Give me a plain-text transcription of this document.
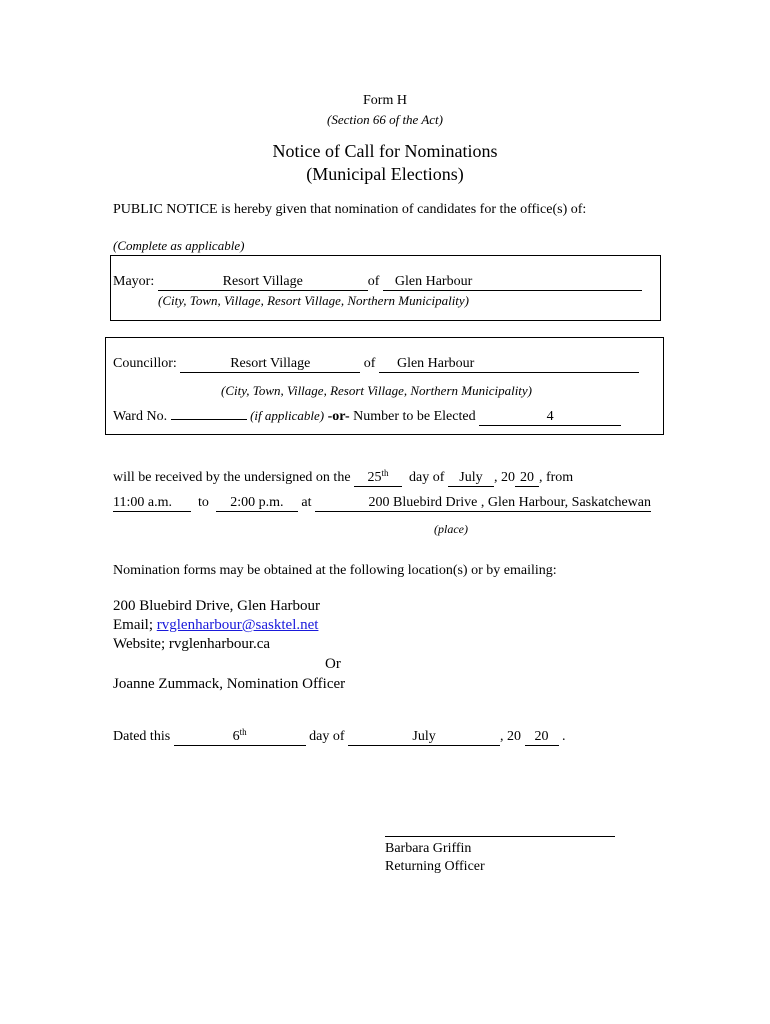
Form H
(Section 66 of the Act)
Notice of Call for Nominations
(Municipal Elections)
PUBLIC NOTICE is hereby given that nomination of candidates for the office(s) of:
(Complete as applicable)
Mayor:	Resort Village	of Glen Harbour
(City, Town, Village, Resort Village, Northern Municipality)
Councillor:	Resort Village	of Glen Harbour
(City, Town, Village, Resort Village, Northern Municipality)
Ward No.	(if applicable) -or- Number to be Elected	4
will be received by the undersigned on the 25th day of July , 20 20 , from
11:00 a.m. to 2:00 p.m. at	200 Bluebird Drive , Glen Harbour, Saskatchewan
(place)
Nomination forms may be obtained at the following location(s) or by emailing:
200 Bluebird Drive, Glen Harbour
Email; rvglenharbour@sasktel.net
Website; rvglenharbour.ca
Or
Joanne Zummack, Nomination Officer
Dated this	6th	day of	July	, 20 20 .
Barbara Griffin
Returning Officer
